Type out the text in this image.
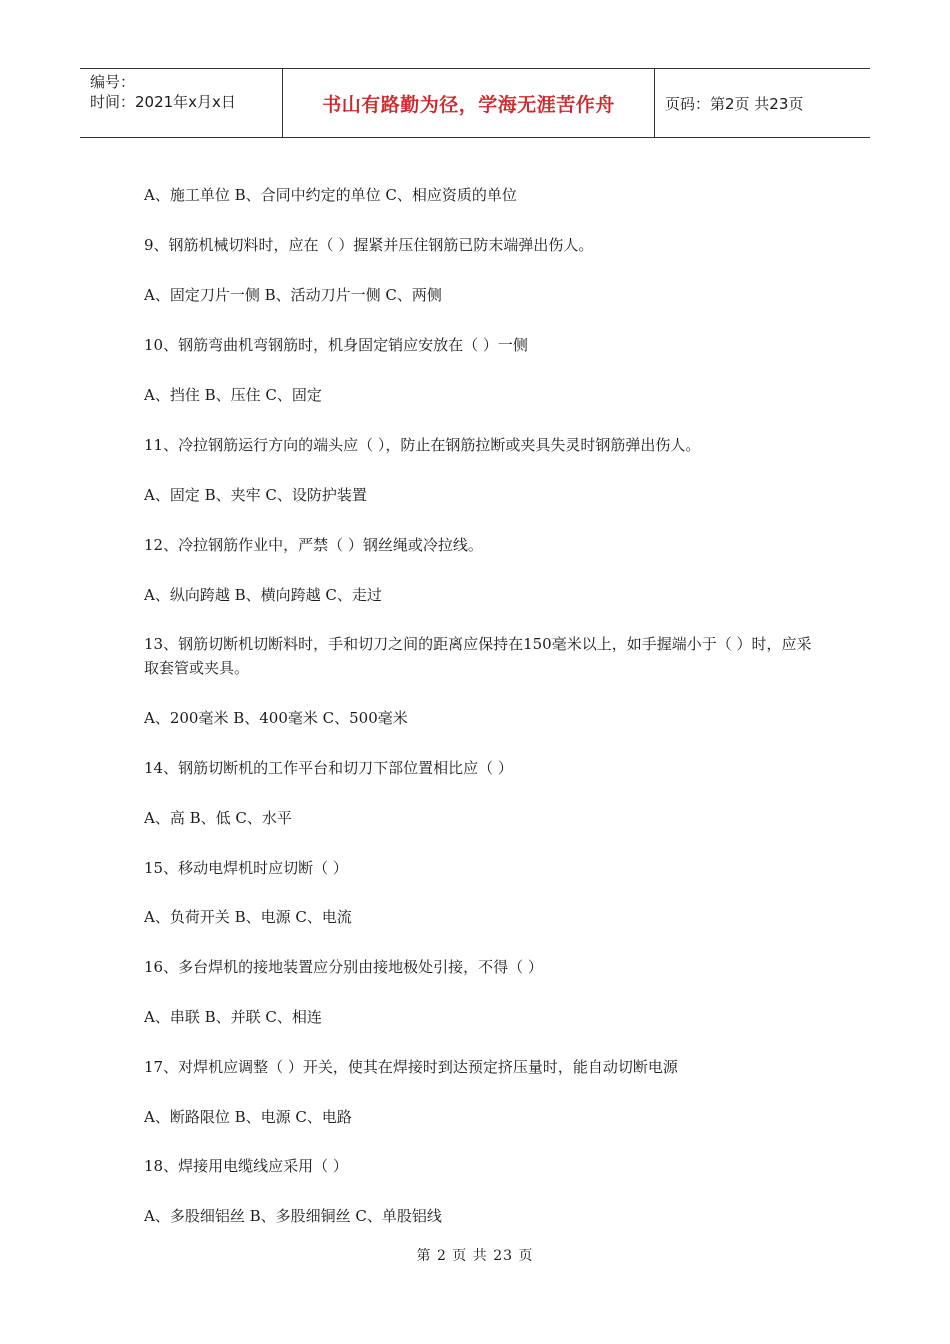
编号：
时间：2021年x月x日	书山有路勤为径，学海无涯苦作舟	页码：第2页 共23页

A、施工单位 B、合同中约定的单位 C、相应资质的单位

9、钢筋机械切料时，应在（ ）握紧并压住钢筋已防末端弹出伤人。

A、固定刀片一侧 B、活动刀片一侧 C、两侧

10、钢筋弯曲机弯钢筋时，机身固定销应安放在（ ）一侧

A、挡住 B、压住 C、固定

11、冷拉钢筋运行方向的端头应（ ），防止在钢筋拉断或夹具失灵时钢筋弹出伤人。

A、固定 B、夹牢 C、设防护装置

12、冷拉钢筋作业中，严禁（ ）钢丝绳或冷拉线。

A、纵向跨越 B、横向跨越 C、走过

13、钢筋切断机切断料时，手和切刀之间的距离应保持在150毫米以上，如手握端小于（ ）时，应采取套管或夹具。

A、200毫米 B、400毫米 C、500毫米

14、钢筋切断机的工作平台和切刀下部位置相比应（ ）

A、高 B、低 C、水平

15、移动电焊机时应切断（ ）

A、负荷开关 B、电源 C、电流

16、多台焊机的接地装置应分别由接地极处引接，不得（ ）

A、串联 B、并联 C、相连

17、对焊机应调整（ ）开关，使其在焊接时到达预定挤压量时，能自动切断电源

A、断路限位 B、电源 C、电路

18、焊接用电缆线应采用（ ）

A、多股细铝丝 B、多股细铜丝 C、单股铝线

第 2 页 共 23 页
